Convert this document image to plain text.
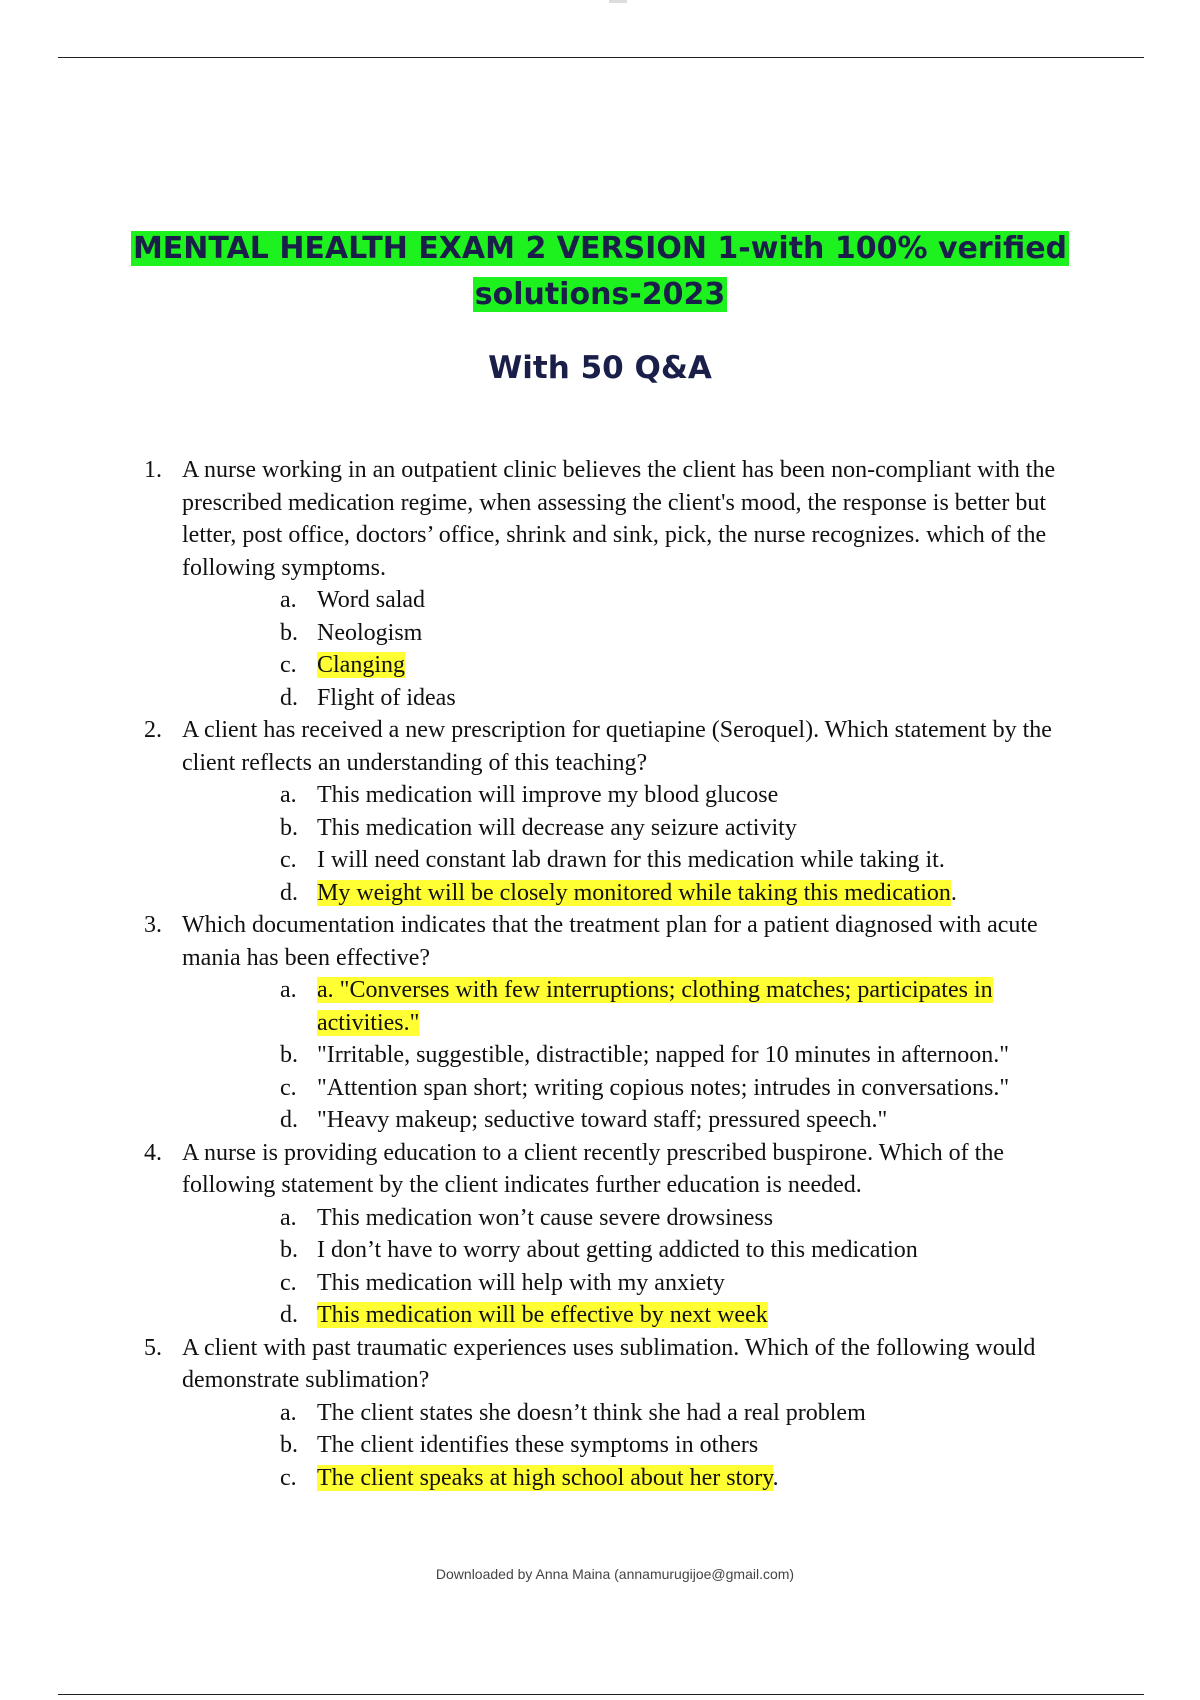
MENTAL HEALTH EXAM 2 VERSION 1-with 100% verified
solutions-2023
With 50 Q&A
1. A nurse working in an outpatient clinic believes the client has been non-compliant with the prescribed medication regime, when assessing the client's mood, the response is better but letter, post office, doctors’ office, shrink and sink, pick, the nurse recognizes. which of the following symptoms.
a. Word salad
b. Neologism
c. Clanging
d. Flight of ideas
2. A client has received a new prescription for quetiapine (Seroquel). Which statement by the client reflects an understanding of this teaching?
a. This medication will improve my blood glucose
b. This medication will decrease any seizure activity
c. I will need constant lab drawn for this medication while taking it.
d. My weight will be closely monitored while taking this medication.
3. Which documentation indicates that the treatment plan for a patient diagnosed with acute mania has been effective?
a. a. "Converses with few interruptions; clothing matches; participates in activities."
b. "Irritable, suggestible, distractible; napped for 10 minutes in afternoon."
c. "Attention span short; writing copious notes; intrudes in conversations."
d. "Heavy makeup; seductive toward staff; pressured speech."
4. A nurse is providing education to a client recently prescribed buspirone. Which of the following statement by the client indicates further education is needed.
a. This medication won’t cause severe drowsiness
b. I don’t have to worry about getting addicted to this medication
c. This medication will help with my anxiety
d. This medication will be effective by next week
5. A client with past traumatic experiences uses sublimation. Which of the following would demonstrate sublimation?
a. The client states she doesn’t think she had a real problem
b. The client identifies these symptoms in others
c. The client speaks at high school about her story.
Downloaded by Anna Maina (annamurugijoe@gmail.com)
